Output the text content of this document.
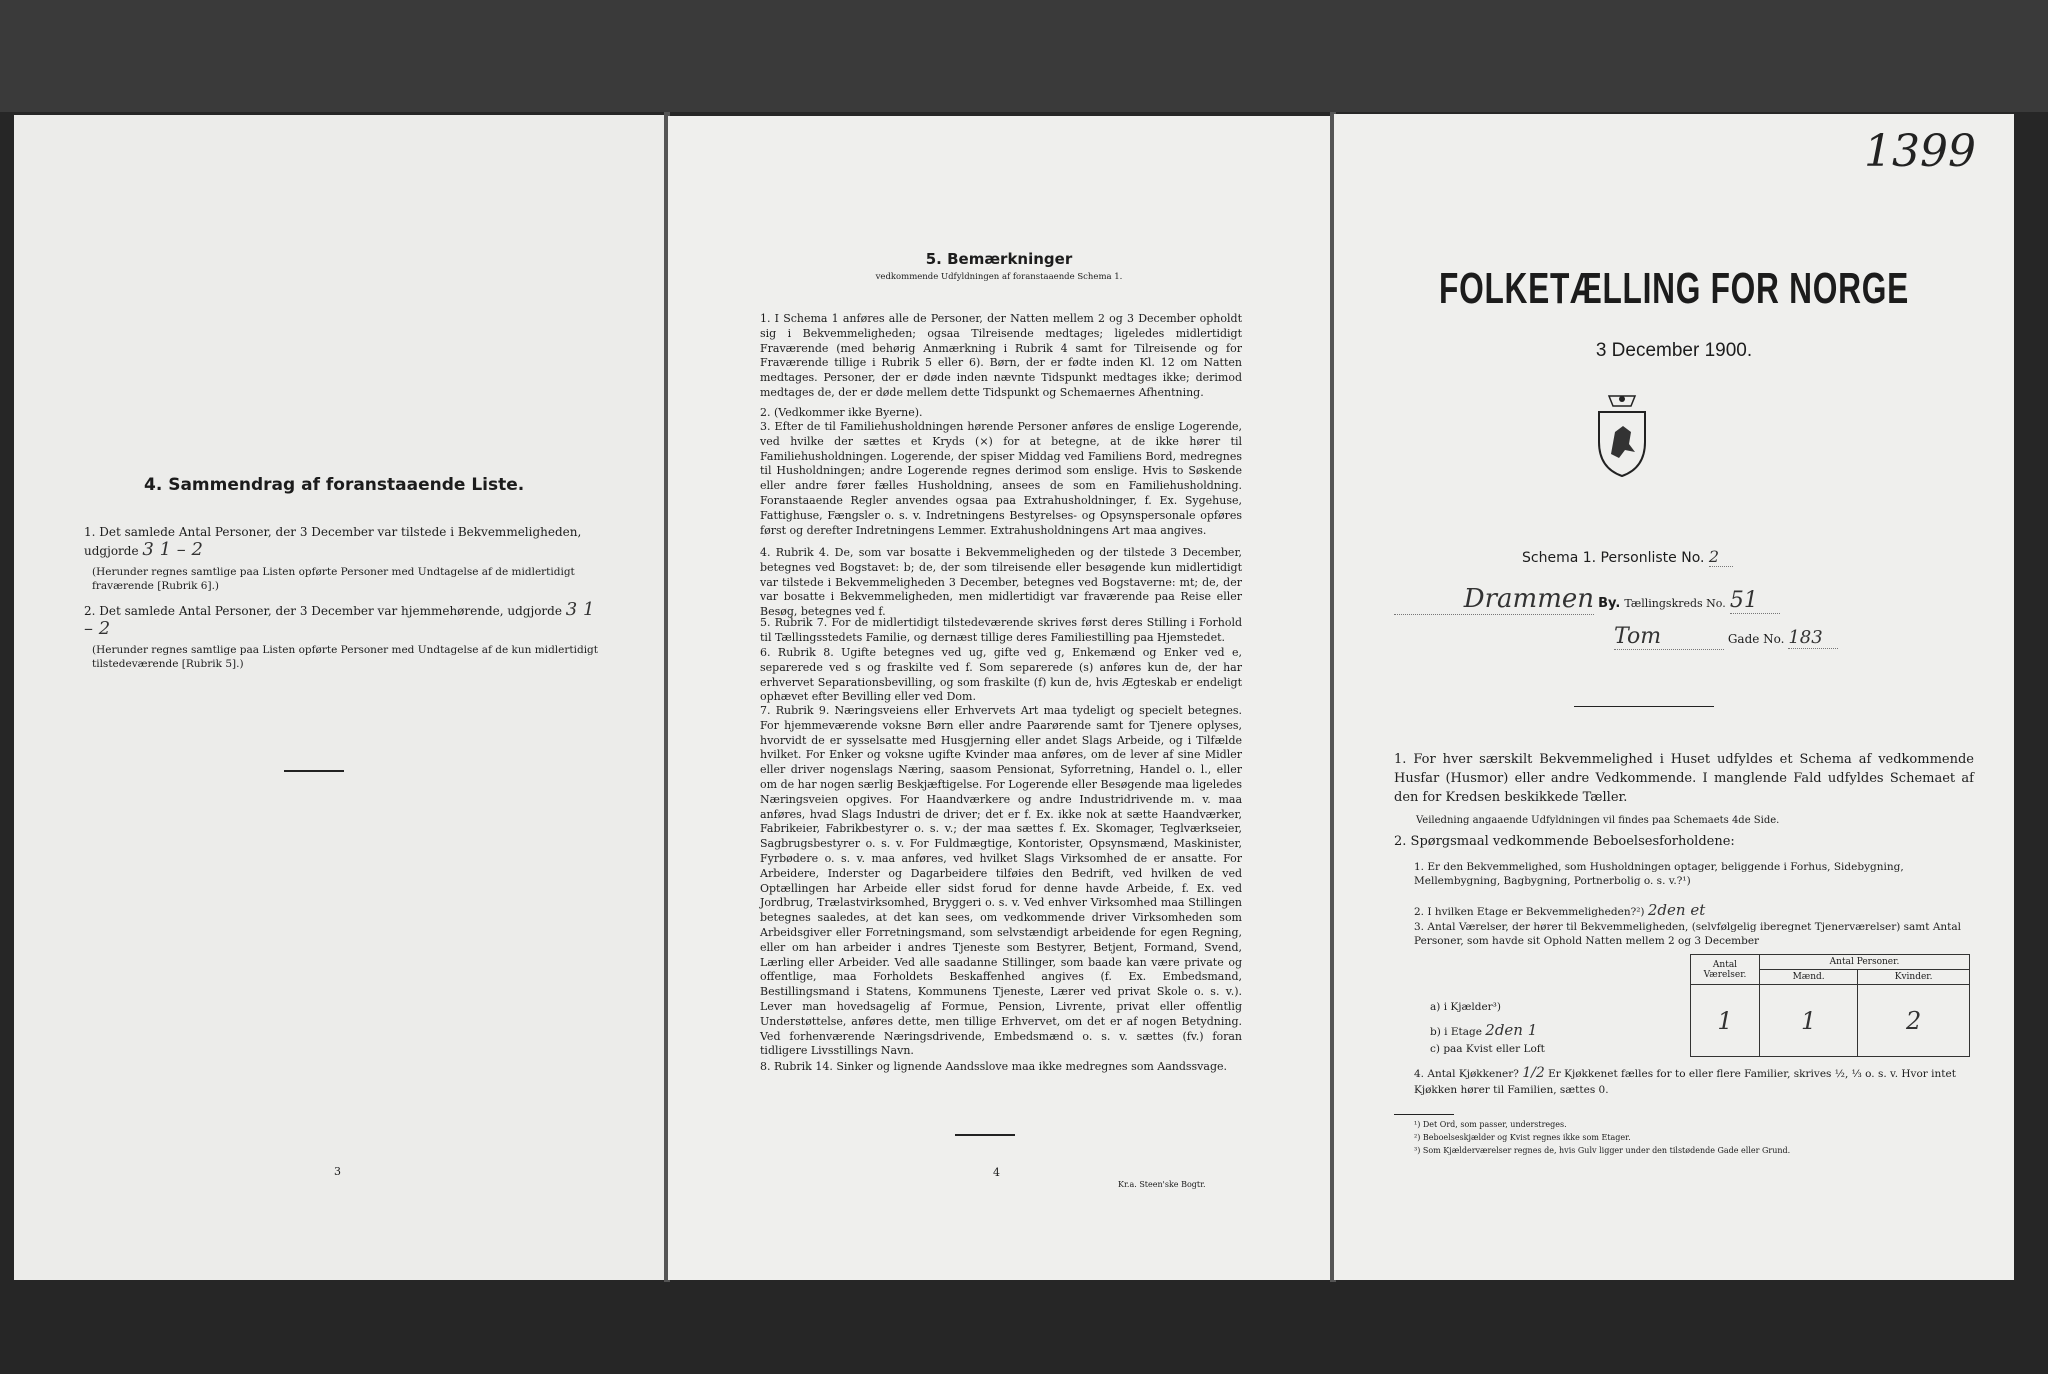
4. Sammendrag af foranstaaende Liste.
1. Det samlede Antal Personer, der 3 December var tilstede i Bekvemmeligheden, udgjorde 3 1 – 2
(Herunder regnes samtlige paa Listen opførte Personer med Undtagelse af de midlertidigt fraværende [Rubrik 6].)
2. Det samlede Antal Personer, der 3 December var hjemmehørende, udgjorde 3 1 – 2
(Herunder regnes samtlige paa Listen opførte Personer med Undtagelse af de kun midlertidigt tilstedeværende [Rubrik 5].)
3
5. Bemærkninger
vedkommende Udfyldningen af foranstaaende Schema 1.
1. I Schema 1 anføres alle de Personer, der Natten mellem 2 og 3 December opholdt sig i Bekvemmeligheden; ogsaa Tilreisende medtages; ligeledes midlertidigt Fraværende (med behørig Anmærkning i Rubrik 4 samt for Tilreisende og for Fraværende tillige i Rubrik 5 eller 6). Børn, der er fødte inden Kl. 12 om Natten medtages. Personer, der er døde inden nævnte Tidspunkt medtages ikke; derimod medtages de, der er døde mellem dette Tidspunkt og Schemaernes Afhentning.
2. (Vedkommer ikke Byerne).
3. Efter de til Familiehusholdningen hørende Personer anføres de enslige Logerende, ved hvilke der sættes et Kryds (×) for at betegne, at de ikke hører til Familiehusholdningen. Logerende, der spiser Middag ved Familiens Bord, medregnes til Husholdningen; andre Logerende regnes derimod som enslige. Hvis to Søskende eller andre fører fælles Husholdning, ansees de som en Familiehusholdning. Foranstaaende Regler anvendes ogsaa paa Extrahusholdninger, f. Ex. Sygehuse, Fattighuse, Fængsler o. s. v. Indretningens Bestyrelses- og Opsynspersonale opføres først og derefter Indretningens Lemmer. Extrahusholdningens Art maa angives.
4. Rubrik 4. De, som var bosatte i Bekvemmeligheden og der tilstede 3 December, betegnes ved Bogstavet: b; de, der som tilreisende eller besøgende kun midlertidigt var tilstede i Bekvemmeligheden 3 December, betegnes ved Bogstaverne: mt; de, der var bosatte i Bekvemmeligheden, men midlertidigt var fraværende paa Reise eller Besøg, betegnes ved f.
5. Rubrik 7. For de midlertidigt tilstedeværende skrives først deres Stilling i Forhold til Tællingsstedets Familie, og dernæst tillige deres Familiestilling paa Hjemstedet.
6. Rubrik 8. Ugifte betegnes ved ug, gifte ved g, Enkemænd og Enker ved e, separerede ved s og fraskilte ved f. Som separerede (s) anføres kun de, der har erhvervet Separationsbevilling, og som fraskilte (f) kun de, hvis Ægteskab er endeligt ophævet efter Bevilling eller ved Dom.
7. Rubrik 9. Næringsveiens eller Erhvervets Art maa tydeligt og specielt betegnes. For hjemmeværende voksne Børn eller andre Paarørende samt for Tjenere oplyses, hvorvidt de er sysselsatte med Husgjerning eller andet Slags Arbeide, og i Tilfælde hvilket. For Enker og voksne ugifte Kvinder maa anføres, om de lever af sine Midler eller driver nogenslags Næring, saasom Pensionat, Syforretning, Handel o. l., eller om de har nogen særlig Beskjæftigelse. For Logerende eller Besøgende maa ligeledes Næringsveien opgives. For Haandværkere og andre Industridrivende m. v. maa anføres, hvad Slags Industri de driver; det er f. Ex. ikke nok at sætte Haandværker, Fabrikeier, Fabrikbestyrer o. s. v.; der maa sættes f. Ex. Skomager, Teglværkseier, Sagbrugsbestyrer o. s. v. For Fuldmægtige, Kontorister, Opsynsmænd, Maskinister, Fyrbødere o. s. v. maa anføres, ved hvilket Slags Virksomhed de er ansatte. For Arbeidere, Inderster og Dagarbeidere tilføies den Bedrift, ved hvilken de ved Optællingen har Arbeide eller sidst forud for denne havde Arbeide, f. Ex. ved Jordbrug, Trælastvirksomhed, Bryggeri o. s. v. Ved enhver Virksomhed maa Stillingen betegnes saaledes, at det kan sees, om vedkommende driver Virksomheden som Arbeidsgiver eller Forretningsmand, som selvstændigt arbeidende for egen Regning, eller om han arbeider i andres Tjeneste som Bestyrer, Betjent, Formand, Svend, Lærling eller Arbeider. Ved alle saadanne Stillinger, som baade kan være private og offentlige, maa Forholdets Beskaffenhed angives (f. Ex. Embedsmand, Bestillingsmand i Statens, Kommunens Tjeneste, Lærer ved privat Skole o. s. v.). Lever man hovedsagelig af Formue, Pension, Livrente, privat eller offentlig Understøttelse, anføres dette, men tillige Erhvervet, om det er af nogen Betydning. Ved forhenværende Næringsdrivende, Embedsmænd o. s. v. sættes (fv.) foran tidligere Livsstillings Navn.
8. Rubrik 14. Sinker og lignende Aandsslove maa ikke medregnes som Aandssvage.
4
Kr.a. Steen'ske Bogtr.
1399
FOLKETÆLLING FOR NORGE
3 December 1900.
Schema 1. Personliste No. 2
Drammen By. Tællingskreds No. 51
Tom	Gade No. 183
1. For hver særskilt Bekvemmelighed i Huset udfyldes et Schema af vedkommende Husfar (Husmor) eller andre Vedkommende. I manglende Fald udfyldes Schemaet af den for Kredsen beskikkede Tæller.
Veiledning angaaende Udfyldningen vil findes paa Schemaets 4de Side.
2. Spørgsmaal vedkommende Beboelsesforholdene:
1. Er den Bekvemmelighed, som Husholdningen optager, beliggende i Forhus, Sidebygning, Mellembygning, Bagbygning, Portnerbolig o. s. v.?¹)
2. I hvilken Etage er Bekvemmeligheden?²) 2den et
3. Antal Værelser, der hører til Bekvemmeligheden, (selvfølgelig iberegnet Tjenerværelser) samt Antal Personer, som havde sit Ophold Natten mellem 2 og 3 December
Antal Værelser.	Antal Personer.	
	Mænd.	Kvinder.
1	1	2
a) i Kjælder³)
b) i Etage 2den 1
c) paa Kvist eller Loft
4. Antal Kjøkkener? 1/2 Er Kjøkkenet fælles for to eller flere Familier, skrives ½, ⅓ o. s. v. Hvor intet Kjøkken hører til Familien, sættes 0.
¹) Det Ord, som passer, understreges.
²) Beboelseskjælder og Kvist regnes ikke som Etager.
³) Som Kjælderværelser regnes de, hvis Gulv ligger under den tilstødende Gade eller Grund.
